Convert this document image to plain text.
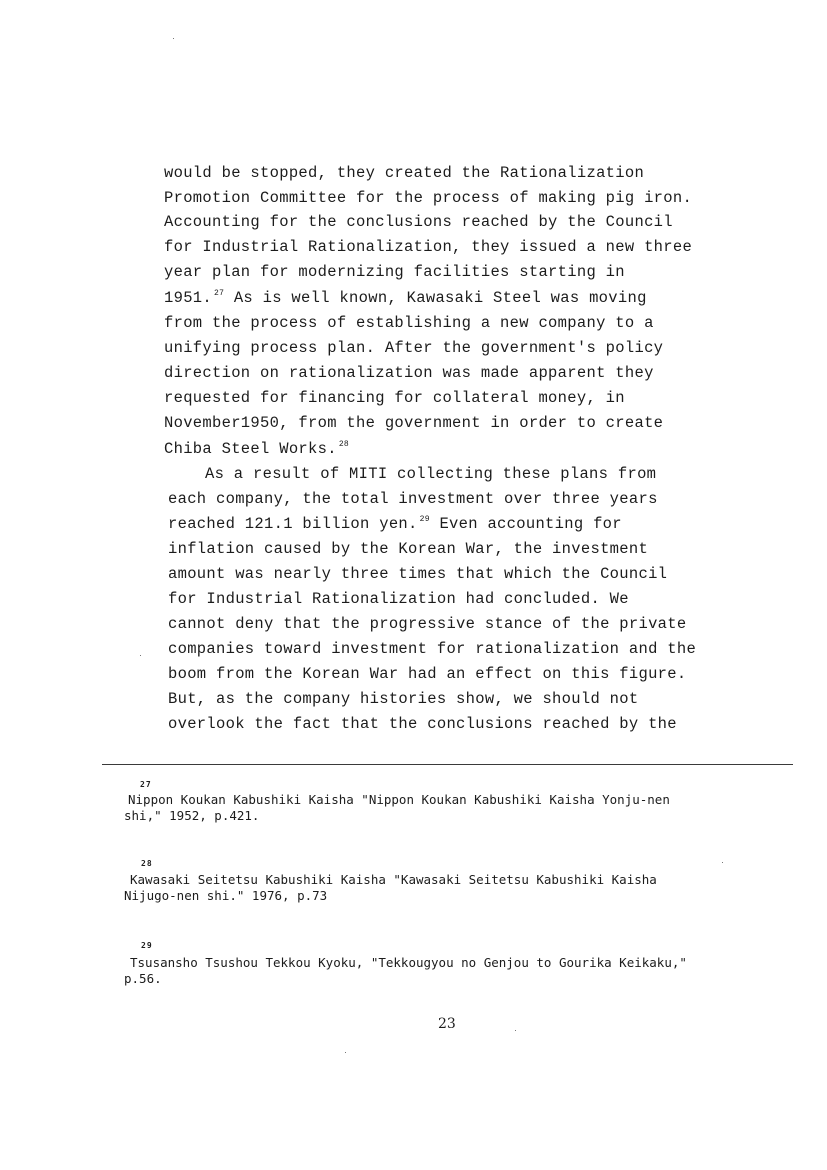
would be stopped, they created the Rationalization
Promotion Committee for the process of making pig iron.
Accounting for the conclusions reached by the Council
for Industrial Rationalization, they issued a new three
year plan for modernizing facilities starting in
1951. $^{27}$ As is well known, Kawasaki Steel was moving
from the process of establishing a new company to a
unifying process plan. After the government's policy
direction on rationalization was made apparent they
requested for financing for collateral money, in
November1950, from the government in order to create
Chiba Steel Works. $^{28}$
As a result of MITI collecting these plans from
each company, the total investment over three years
reached 121.1 billion yen. $^{29}$ Even accounting for
inflation caused by the Korean War, the investment
amount was nearly three times that which the Council
for Industrial Rationalization had concluded. We
cannot deny that the progressive stance of the private
companies toward investment for rationalization and the
boom from the Korean War had an effect on this figure.
But, as the company histories show, we should not
overlook the fact that the conclusions reached by the
27
Nippon Koukan Kabushiki Kaisha "Nippon Koukan Kabushiki Kaisha Yonju-nen
shi," 1952, p.421.
28
Kawasaki Seitetsu Kabushiki Kaisha "Kawasaki Seitetsu Kabushiki Kaisha
Nijugo-nen shi." 1976, p.73
29
Tsusansho Tsushou Tekkou Kyoku, "Tekkougyou no Genjou to Gourika Keikaku,"
p.56.
23
